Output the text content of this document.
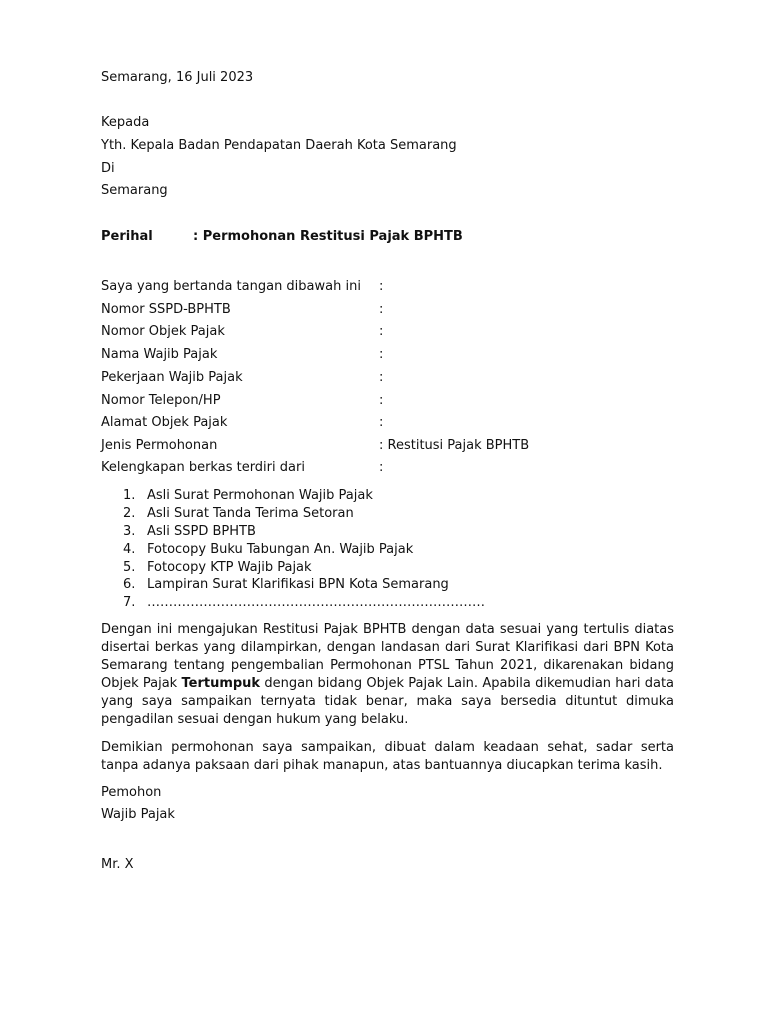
Semarang, 16 Juli 2023
Kepada
Yth. Kepala Badan Pendapatan Daerah Kota Semarang
Di
Semarang
Perihal	: Permohonan Restitusi Pajak BPHTB
Saya yang bertanda tangan dibawah ini :
Nomor SSPD-BPHTB	:
Nomor Objek Pajak	:
Nama Wajib Pajak	:
Pekerjaan Wajib Pajak	:
Nomor Telepon/HP	:
Alamat Objek Pajak	:
Jenis Permohonan	: Restitusi Pajak BPHTB
Kelengkapan berkas terdiri dari	:
1. Asli Surat Permohonan Wajib Pajak
2. Asli Surat Tanda Terima Setoran
3. Asli SSPD BPHTB
4. Fotocopy Buku Tabungan An. Wajib Pajak
5. Fotocopy KTP Wajib Pajak
6. Lampiran Surat Klarifikasi BPN Kota Semarang
7. ……………………………………………………………………

Dengan ini mengajukan Restitusi Pajak BPHTB dengan data sesuai yang tertulis diatas disertai berkas yang dilampirkan, dengan landasan dari Surat Klarifikasi dari BPN Kota Semarang tentang pengembalian Permohonan PTSL Tahun 2021, dikarenakan bidang Objek Pajak Tertumpuk dengan bidang Objek Pajak Lain. Apabila dikemudian hari data yang saya sampaikan ternyata tidak benar, maka saya bersedia dituntut dimuka pengadilan sesuai dengan hukum yang belaku.

Demikian permohonan saya sampaikan, dibuat dalam keadaan sehat, sadar serta tanpa adanya paksaan dari pihak manapun, atas bantuannya diucapkan terima kasih.

Pemohon
Wajib Pajak
Mr. X
